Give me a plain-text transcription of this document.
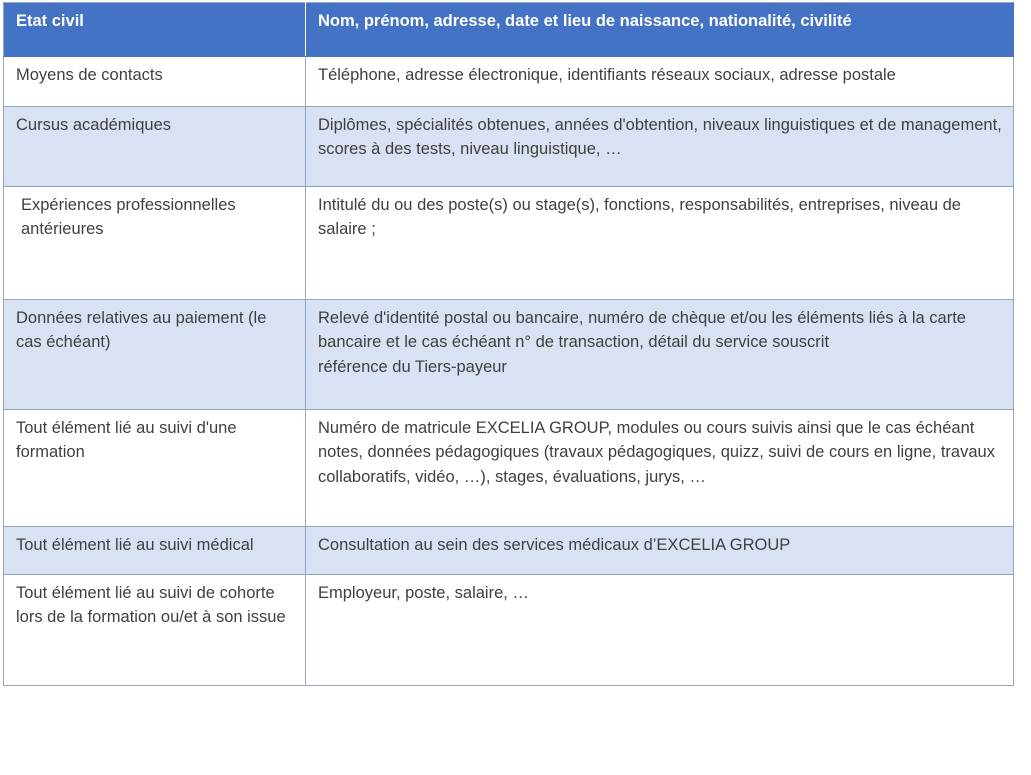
Etat civil	Nom, prénom, adresse, date et lieu de naissance, nationalité, civilité
Moyens de contacts	Téléphone, adresse électronique, identifiants réseaux sociaux, adresse postale
Cursus académiques	Diplômes, spécialités obtenues, années d'obtention, niveaux linguistiques et de management, scores à des tests, niveau linguistique, …
Expériences professionnelles antérieures	Intitulé du ou des poste(s) ou stage(s), fonctions, responsabilités, entreprises, niveau de salaire ;
Données relatives au paiement (le cas échéant)	Relevé d'identité postal ou bancaire, numéro de chèque et/ou les éléments liés à la carte bancaire et le cas échéant n° de transaction, détail du service souscrit
référence du Tiers-payeur

Tout élément lié au suivi d'une formation	Numéro de matricule EXCELIA GROUP, modules ou cours suivis ainsi que le cas échéant notes, données pédagogiques (travaux pédagogiques, quizz, suivi de cours en ligne, travaux collaboratifs, vidéo, …), stages, évaluations, jurys, …
Tout élément lié au suivi médical	Consultation au sein des services médicaux d’EXCELIA GROUP
Tout élément lié au suivi de cohorte lors de la formation ou/et à son issue	Employeur, poste, salaire, …
